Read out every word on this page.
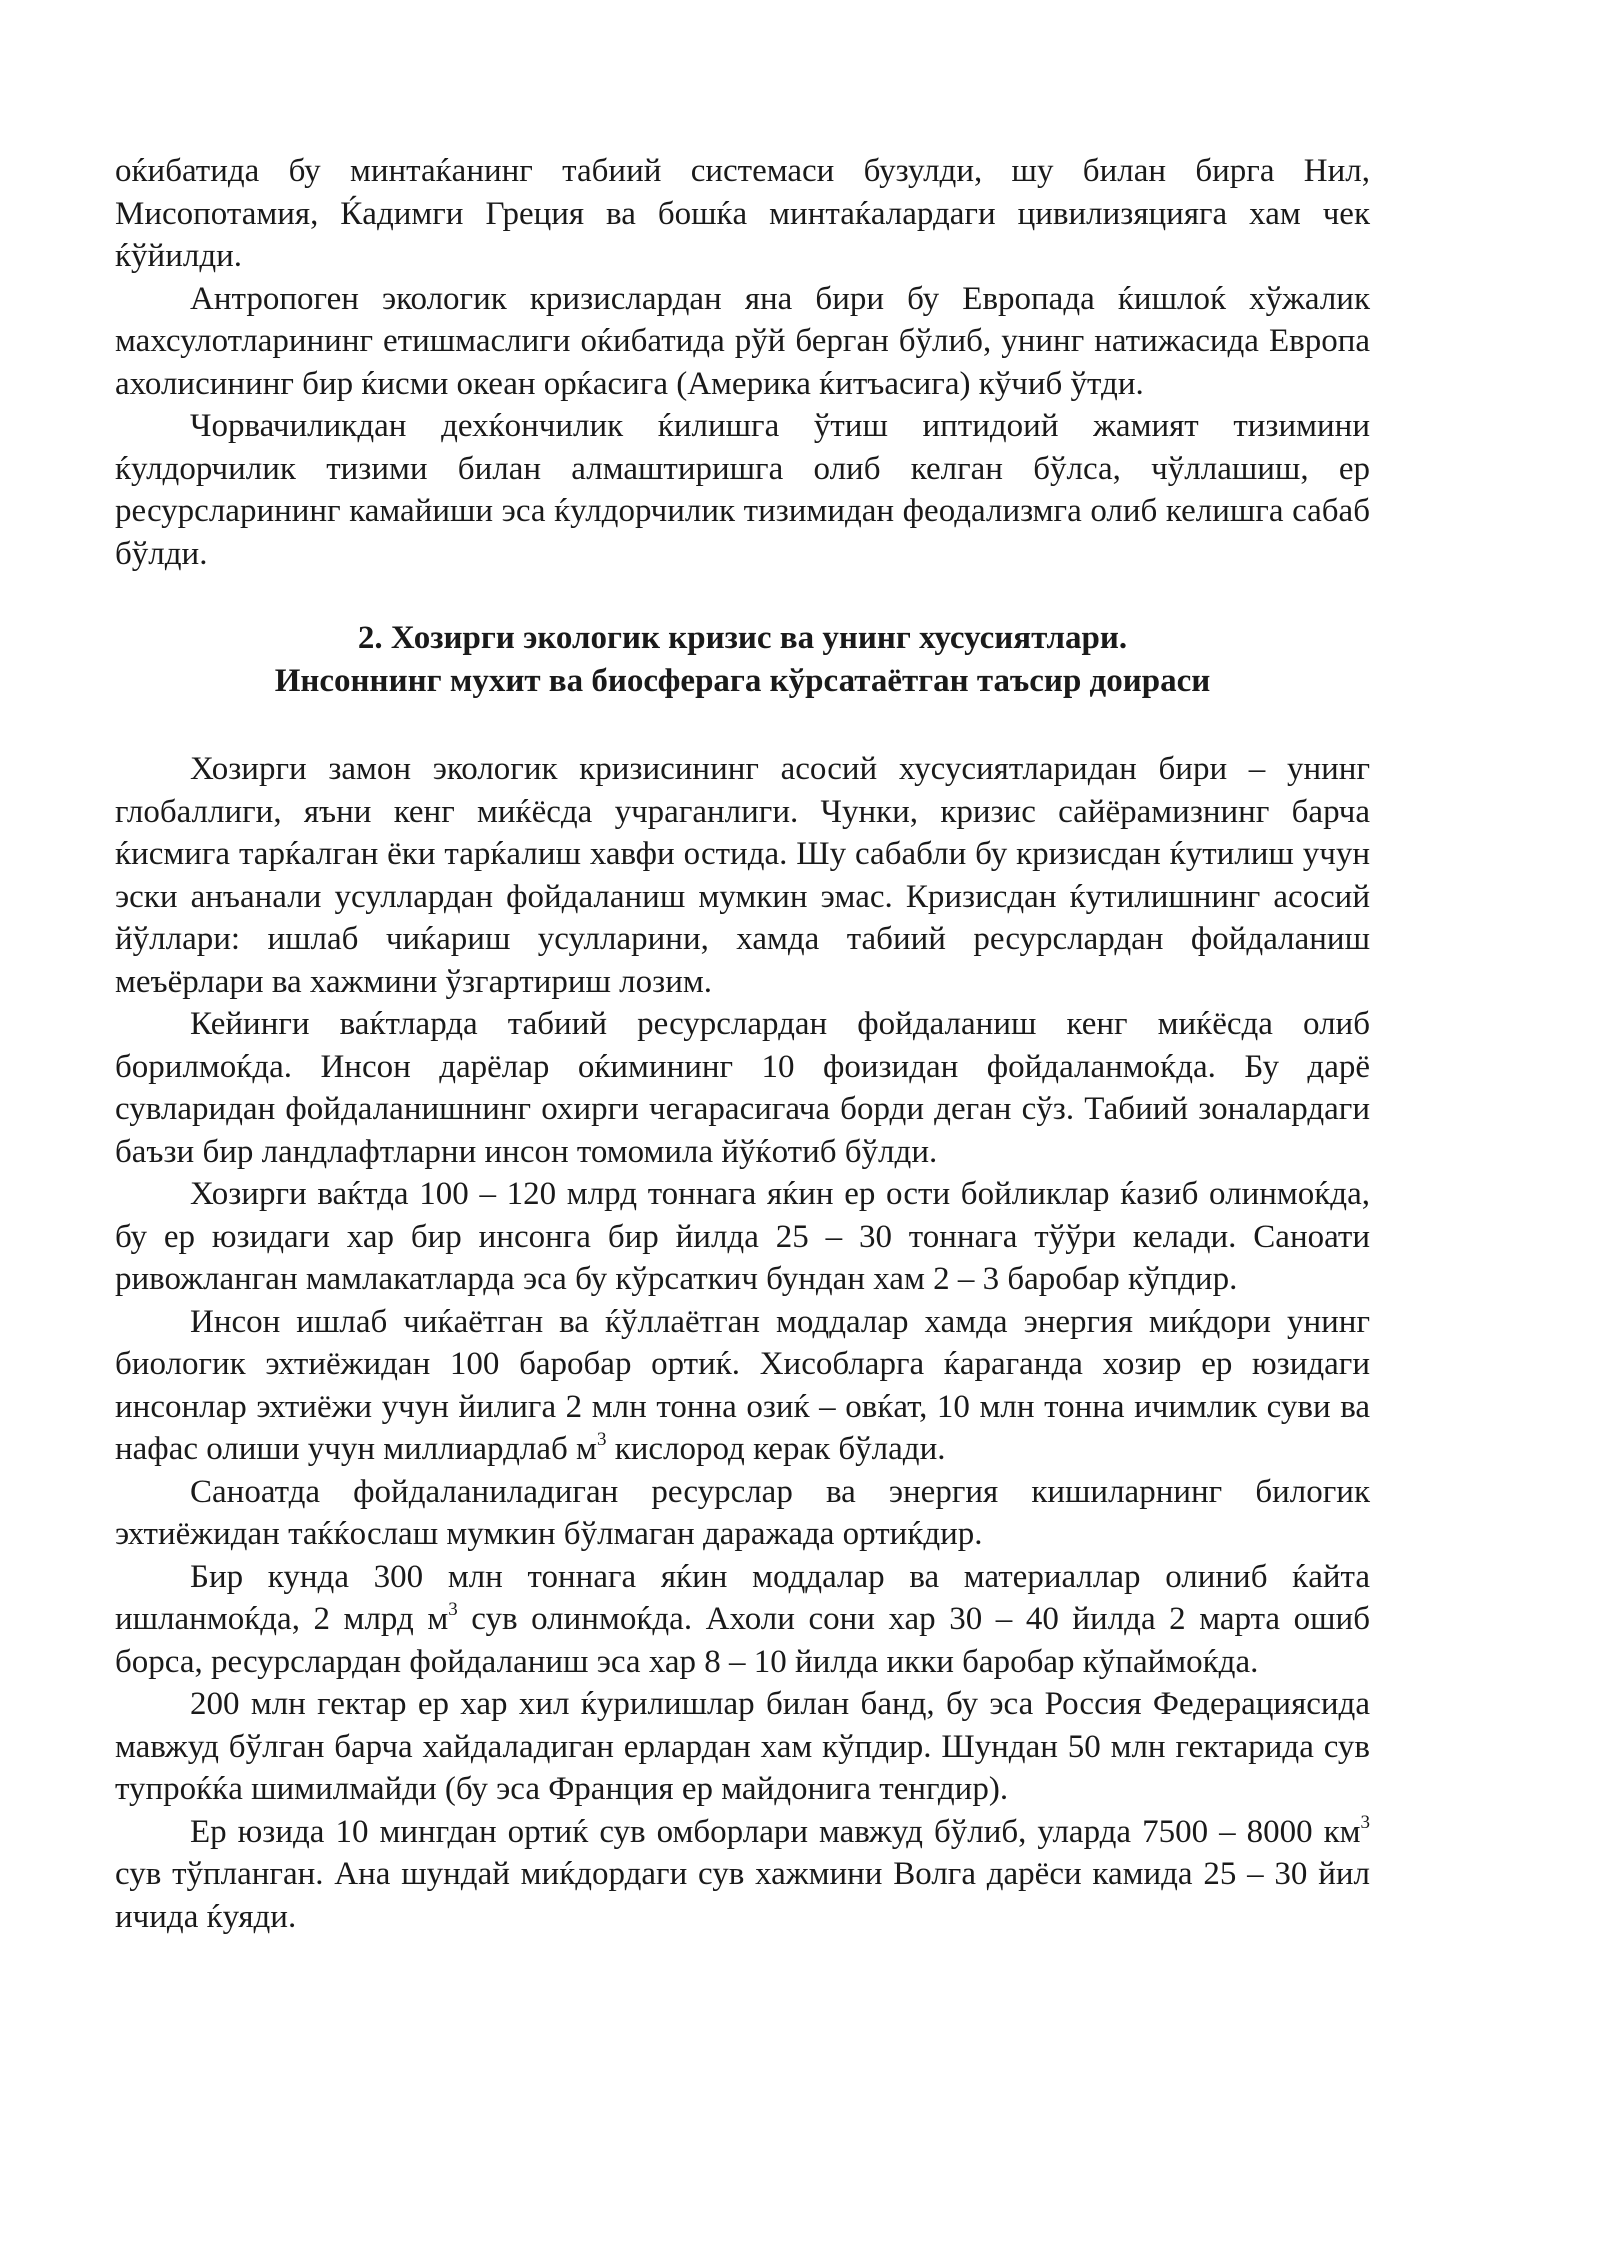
оќибатида бу минтаќанинг табиий системаси бузулди, шу билан бирга Нил, Мисопотамия, Ќадимги Греция ва бошќа минтаќалардаги цивилизяцияга хам чек ќўйилди.

Антропоген экологик кризислардан яна бири бу Европада ќишлоќ хўжалик махсулотларининг етишмаслиги оќибатида рўй берган бўлиб, унинг натижасида Европа ахолисининг бир ќисми океан орќасига (Америка ќитъасига) кўчиб ўтди.

Чорвачиликдан дехќончилик ќилишга ўтиш иптидоий жамият тизимини ќулдорчилик тизими билан алмаштиришга олиб келган бўлса, чўллашиш, ер ресурсларининг камайиши эса ќулдорчилик тизимидан феодализмга олиб келишга сабаб бўлди.

2. Хозирги экологик кризис ва унинг хусусиятлари.
Инсоннинг мухит ва биосферага кўрсатаётган таъсир доираси

Хозирги замон экологик кризисининг асосий хусусиятларидан бири – унинг глобаллиги, яъни кенг миќёсда учраганлиги. Чунки, кризис сайёрамизнинг барча ќисмига тарќалган ёки тарќалиш хавфи остида. Шу сабабли бу кризисдан ќутилиш учун эски анъанали усуллардан фойдаланиш мумкин эмас. Кризисдан ќутилишнинг асосий йўллари: ишлаб чиќариш усулларини, хамда табиий ресурслардан фойдаланиш меъёрлари ва хажмини ўзгартириш лозим.

Кейинги ваќтларда табиий ресурслардан фойдаланиш кенг миќёсда олиб борилмоќда. Инсон дарёлар оќимининг 10 фоизидан фойдаланмоќда. Бу дарё сувларидан фойдаланишнинг охирги чегарасигача борди деган сўз. Табиий зоналардаги баъзи бир ландлафтларни инсон томомила йўќотиб бўлди.

Хозирги ваќтда 100 – 120 млрд тоннага яќин ер ости бойликлар ќазиб олинмоќда, бу ер юзидаги хар бир инсонга бир йилда 25 – 30 тоннага тўўри келади. Саноати ривожланган мамлакатларда эса бу кўрсаткич бундан хам 2 – 3 баробар кўпдир.

Инсон ишлаб чиќаётган ва ќўллаётган моддалар хамда энергия миќдори унинг биологик эхтиёжидан 100 баробар ортиќ. Хисобларга ќараганда хозир ер юзидаги инсонлар эхтиёжи учун йилига 2 млн тонна озиќ – овќат, 10 млн тонна ичимлик суви ва нафас олиши учун миллиардлаб $м^3$ кислород керак бўлади.

Саноатда фойдаланиладиган ресурслар ва энергия кишиларнинг билогик эхтиёжидан таќќослаш мумкин бўлмаган даражада ортиќдир.

Бир кунда 300 млн тоннага яќин моддалар ва материаллар олиниб ќайта ишланмоќда, 2 млрд $м^3$ сув олинмоќда. Ахоли сони хар 30 – 40 йилда 2 марта ошиб борса, ресурслардан фойдаланиш эса хар 8 – 10 йилда икки баробар кўпаймоќда.

200 млн гектар ер хар хил ќурилишлар билан банд, бу эса Россия Федерациясида мавжуд бўлган барча хайдаладиган ерлардан хам кўпдир. Шундан 50 млн гектарида сув тупроќќа шимилмайди (бу эса Франция ер майдонига тенгдир).

Ер юзида 10 мингдан ортиќ сув омборлари мавжуд бўлиб, уларда 7500 – 8000 $км^3$ сув тўпланган. Ана шундай миќдордаги сув хажмини Волга дарёси камида 25 – 30 йил ичида ќуяди.
